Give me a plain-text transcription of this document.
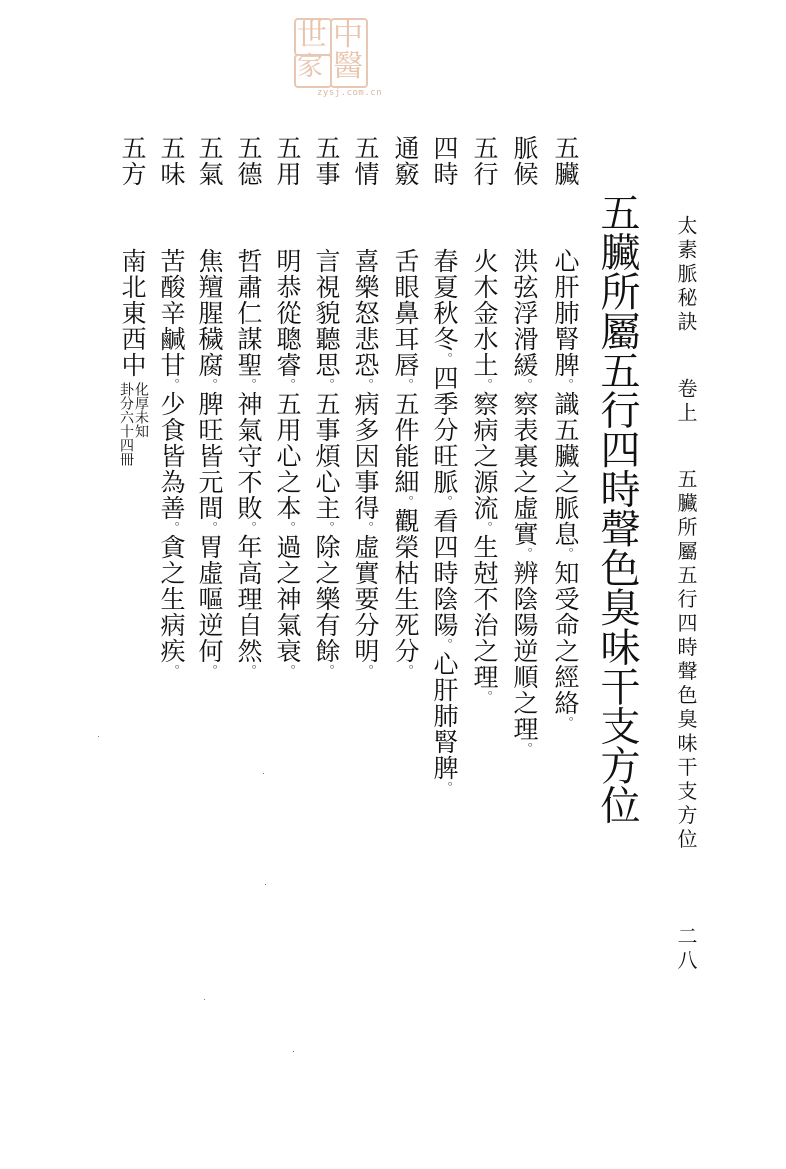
世 中
家 醫
zysj.com.cn
太素脈秘訣  卷上  五臟所屬五行四時聲色臭味干支方位  二八
五臟所屬五行四時聲色臭味干支方位
五臟
心肝肺腎脾。識五臟之脈息。知受命之經絡。
脈候
洪弦浮滑緩。察表裏之虛實。辨陰陽逆順之理。
五行
火木金水土。察病之源流。生尅不治之理。
四時
春夏秋冬。四季分旺脈。看四時陰陽。心肝肺腎脾。
通竅
舌眼鼻耳唇。五件能細。觀榮枯生死分。
五情
喜樂怒悲恐。病多因事得。虛實要分明。
五事
言視貌聽思。五事煩心主。除之樂有餘。
五用
明恭從聰睿。五用心之本。過之神氣衰。
五德
哲肅仁謀聖。神氣守不敗。年高理自然。
五氣
焦羶腥穢腐。脾旺皆元間。胃虛嘔逆何。
五味
苦酸辛鹹甘。少食皆為善。貪之生病疾。
五方
南北東西中
化厚未知
卦分六十四冊
